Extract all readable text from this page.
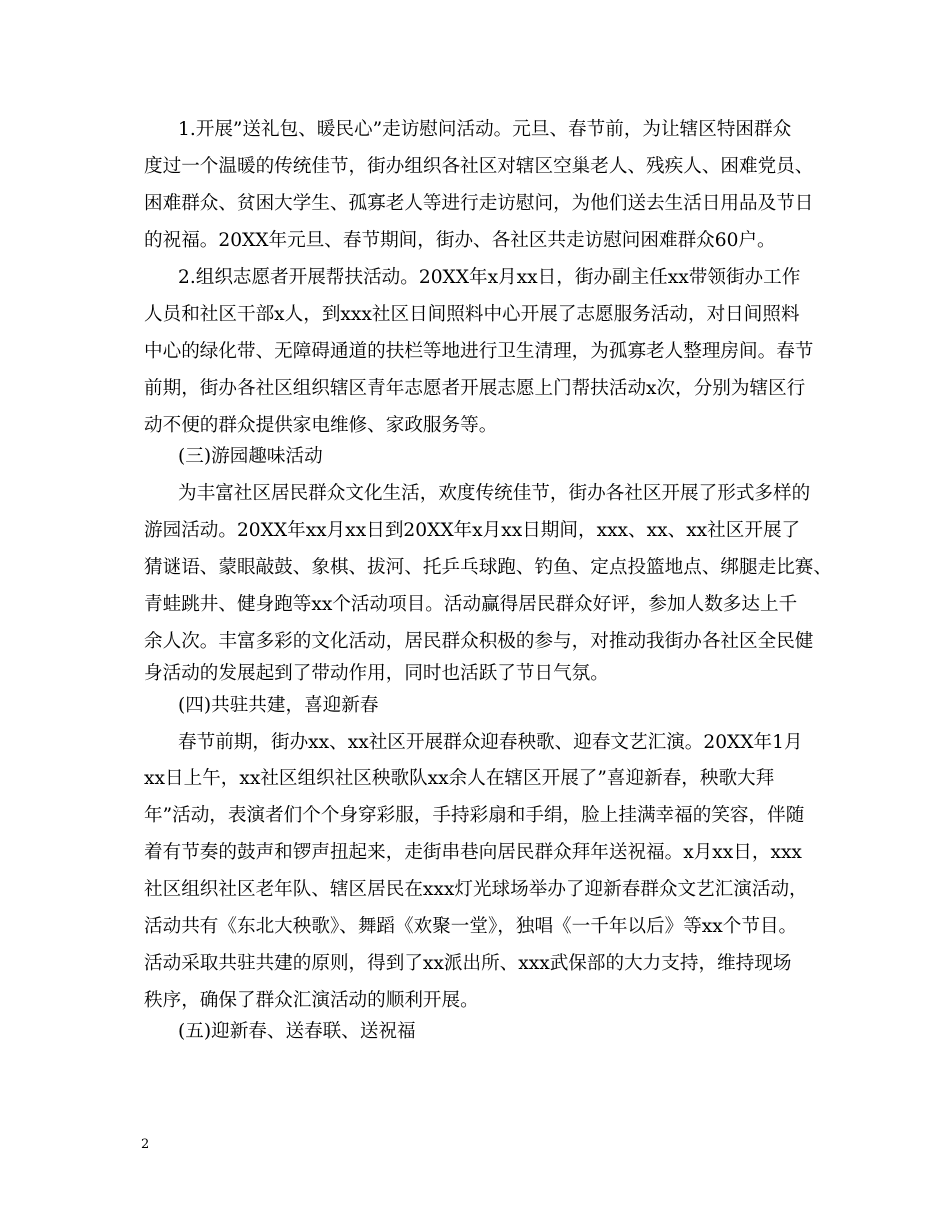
1.开展”送礼包、暖民心”走访慰问活动。元旦、春节前，为让辖区特困群众
度过一个温暖的传统佳节，街办组织各社区对辖区空巢老人、残疾人、困难党员、
困难群众、贫困大学生、孤寡老人等进行走访慰问，为他们送去生活日用品及节日
的祝福。20XX年元旦、春节期间，街办、各社区共走访慰问困难群众60户。
2.组织志愿者开展帮扶活动。20XX年x月xx日，街办副主任xx带领街办工作
人员和社区干部x人，到xxx社区日间照料中心开展了志愿服务活动，对日间照料
中心的绿化带、无障碍通道的扶栏等地进行卫生清理，为孤寡老人整理房间。春节
前期，街办各社区组织辖区青年志愿者开展志愿上门帮扶活动x次，分别为辖区行
动不便的群众提供家电维修、家政服务等。
(三)游园趣味活动
为丰富社区居民群众文化生活，欢度传统佳节，街办各社区开展了形式多样的
游园活动。20XX年xx月xx日到20XX年x月xx日期间，xxx、xx、xx社区开展了
猜谜语、蒙眼敲鼓、象棋、拔河、托乒乓球跑、钓鱼、定点投篮地点、绑腿走比赛、
青蛙跳井、健身跑等xx个活动项目。活动赢得居民群众好评，参加人数多达上千
余人次。丰富多彩的文化活动，居民群众积极的参与，对推动我街办各社区全民健
身活动的发展起到了带动作用，同时也活跃了节日气氛。
(四)共驻共建，喜迎新春
春节前期，街办xx、xx社区开展群众迎春秧歌、迎春文艺汇演。20XX年1月
xx日上午，xx社区组织社区秧歌队xx余人在辖区开展了”喜迎新春，秧歌大拜
年”活动，表演者们个个身穿彩服，手持彩扇和手绢，脸上挂满幸福的笑容，伴随
着有节奏的鼓声和锣声扭起来，走街串巷向居民群众拜年送祝福。x月xx日，xxx
社区组织社区老年队、辖区居民在xxx灯光球场举办了迎新春群众文艺汇演活动，
活动共有《东北大秧歌》、舞蹈《欢聚一堂》，独唱《一千年以后》等xx个节目。
活动采取共驻共建的原则，得到了xx派出所、xxx武保部的大力支持，维持现场
秩序，确保了群众汇演活动的顺利开展。
(五)迎新春、送春联、送祝福
2
